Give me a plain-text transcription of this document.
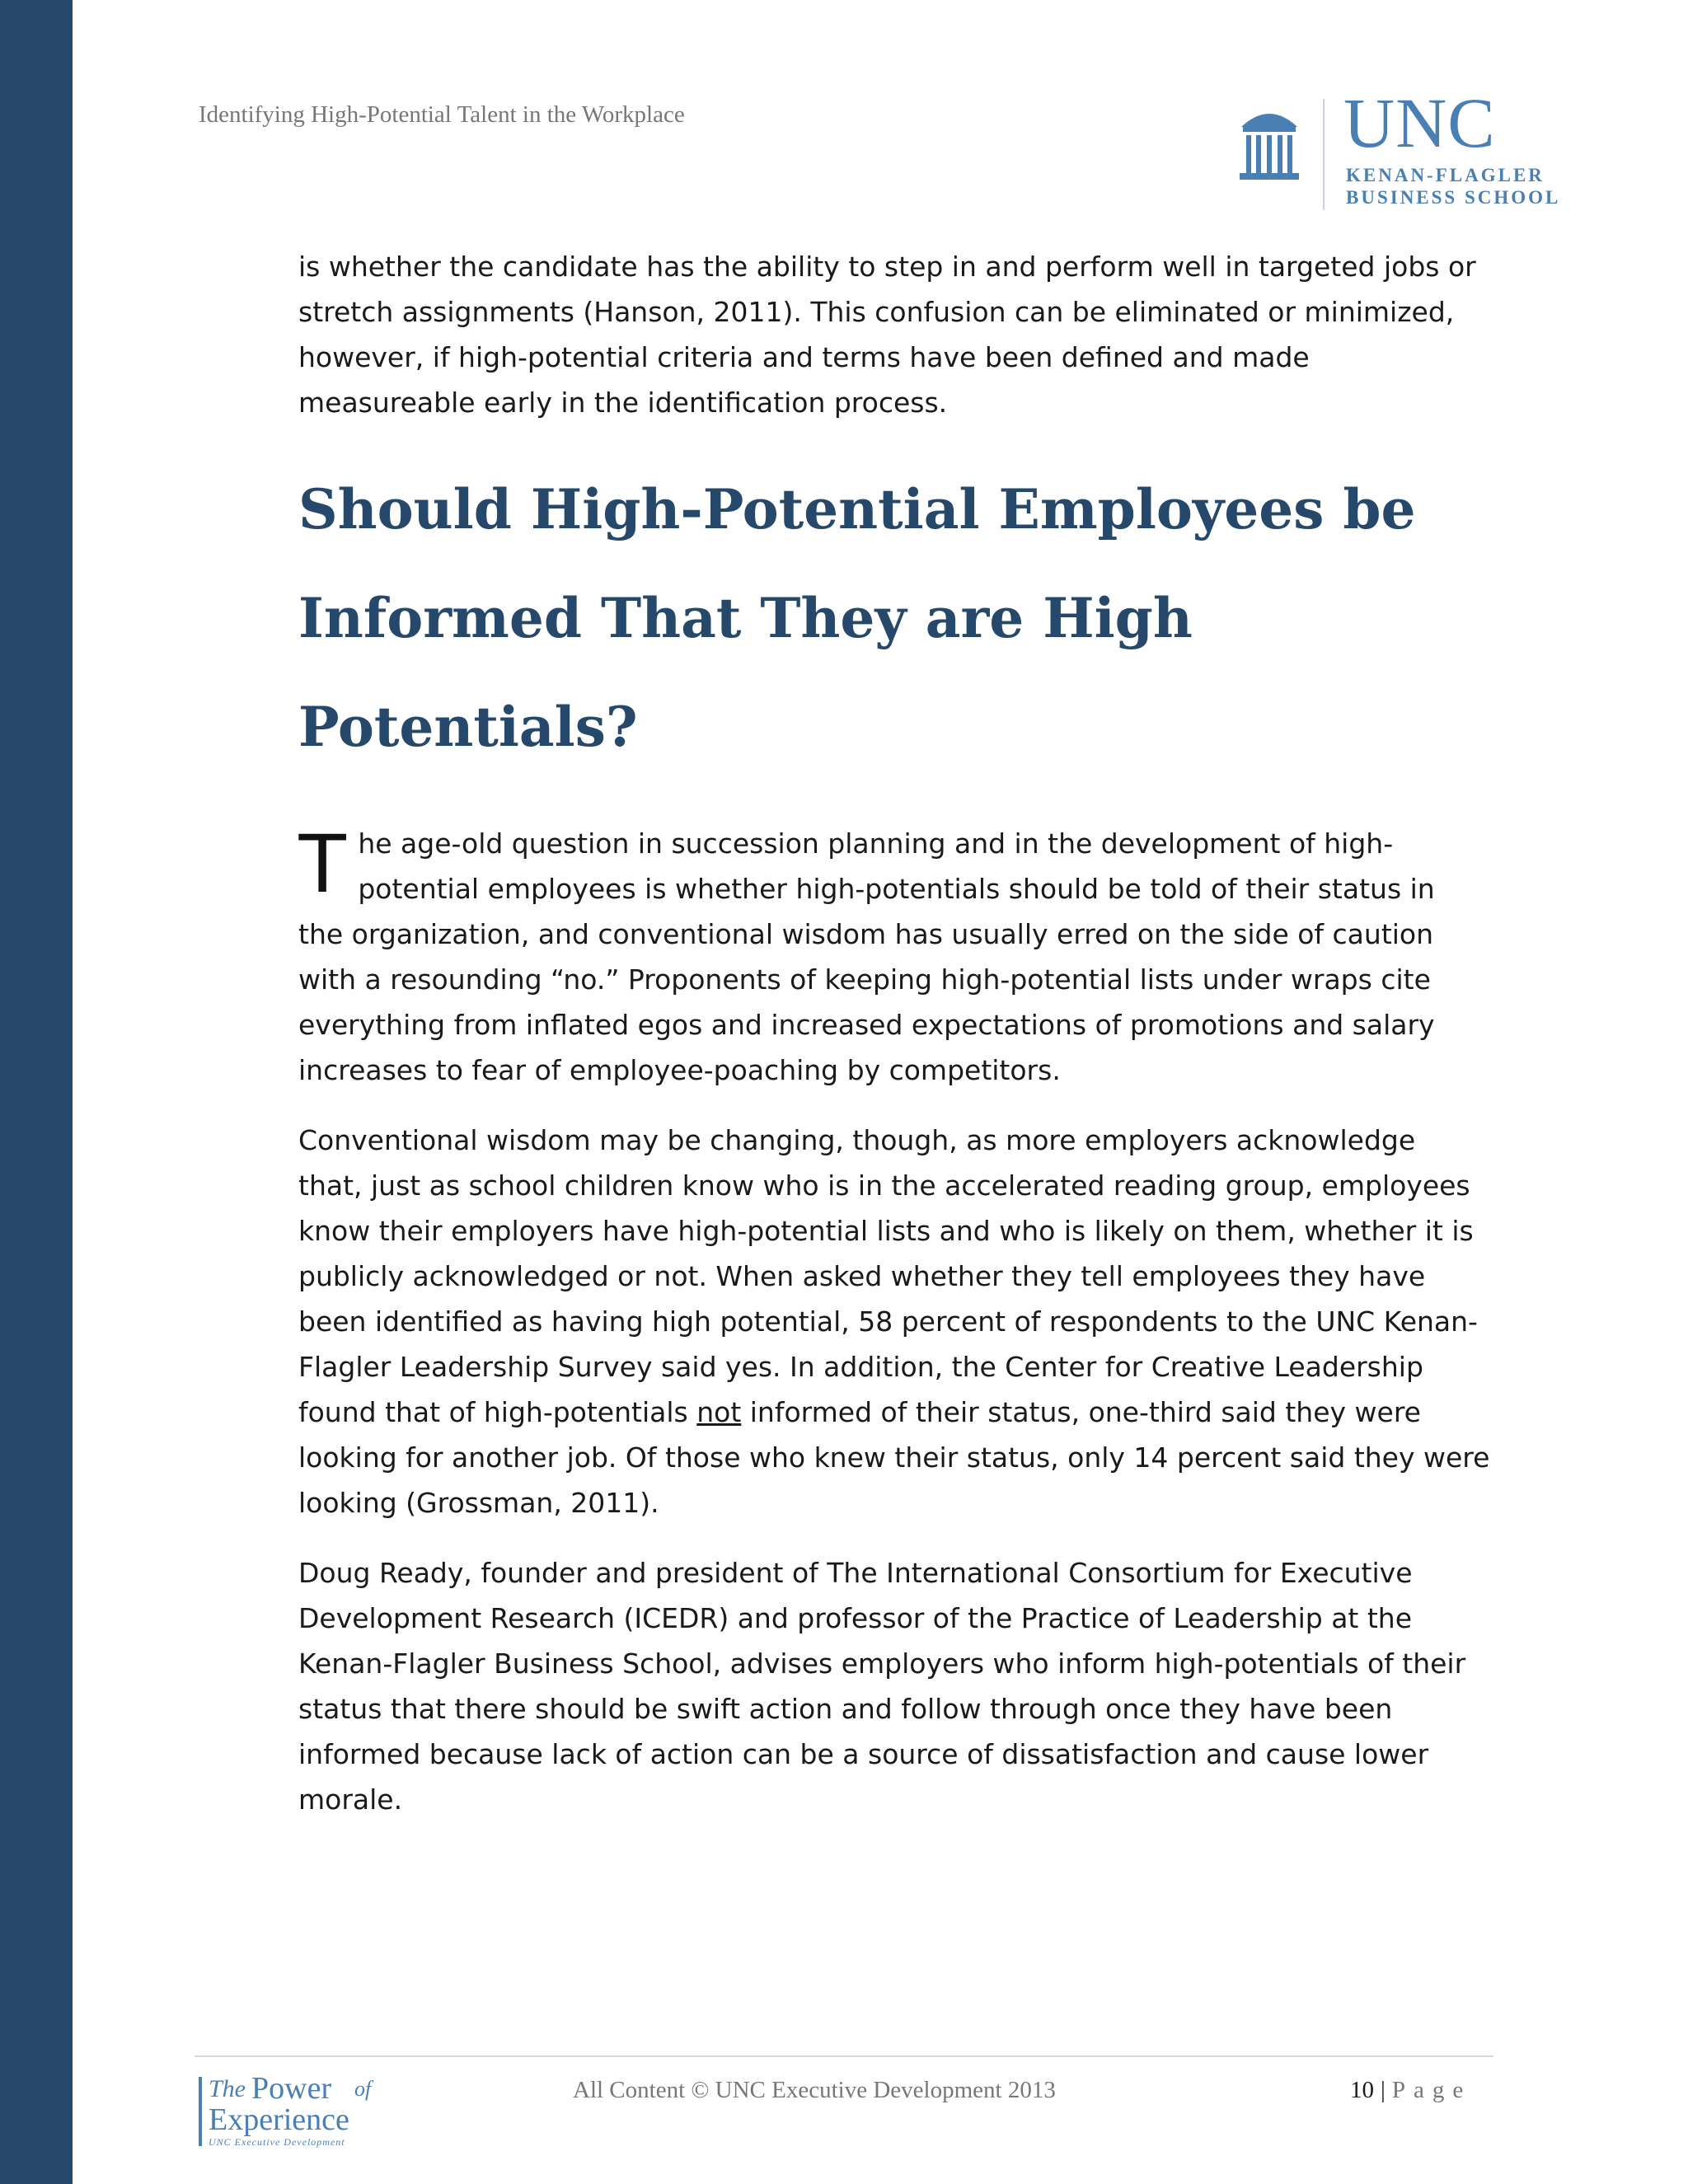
Identifying High-Potential Talent in the Workplace	UNC
KENAN-FLAGLER
BUSINESS SCHOOL

is whether the candidate has the ability to step in and perform well in targeted jobs or
stretch assignments (Hanson, 2011). This confusion can be eliminated or minimized,
however, if high-potential criteria and terms have been defined and made
measureable early in the identification process.

Should High-Potential Employees be
Informed That They are High Potentials?

T he age-old question in succession planning and in the development of high-
potential employees is whether high-potentials should be told of their status in
the organization, and conventional wisdom has usually erred on the side of caution
with a resounding “no.” Proponents of keeping high-potential lists under wraps cite
everything from inflated egos and increased expectations of promotions and salary
increases to fear of employee-poaching by competitors.

Conventional wisdom may be changing, though, as more employers acknowledge
that, just as school children know who is in the accelerated reading group, employees
know their employers have high-potential lists and who is likely on them, whether it is
publicly acknowledged or not. When asked whether they tell employees they have
been identified as having high potential, 58 percent of respondents to the UNC Kenan-
Flagler Leadership Survey said yes. In addition, the Center for Creative Leadership
found that of high-potentials not informed of their status, one-third said they were
looking for another job. Of those who knew their status, only 14 percent said they were
looking (Grossman, 2011).

Doug Ready, founder and president of The International Consortium for Executive
Development Research (ICEDR) and professor of the Practice of Leadership at the
Kenan-Flagler Business School, advises employers who inform high-potentials of their
status that there should be swift action and follow through once they have been
informed because lack of action can be a source of dissatisfaction and cause lower
morale.

The Power of
Experience
UNC Executive Development
All Content © UNC Executive Development 2013	10 | Page
